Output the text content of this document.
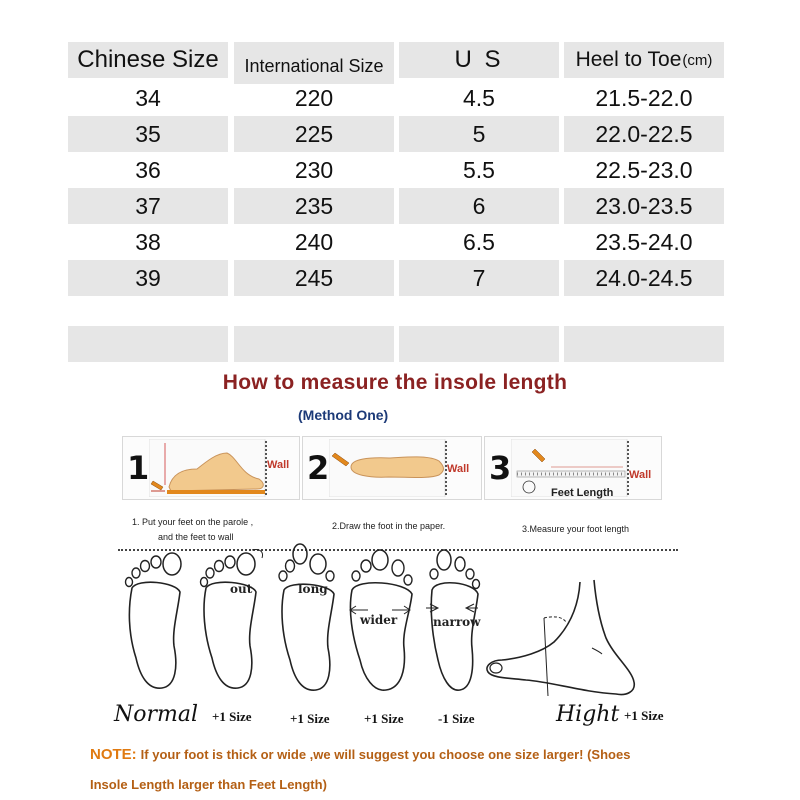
Chinese Size	International Size	U S	Heel to Toe (cm)
34	220	4.5	21.5-22.0
35	225	5	22.0-22.5
36	230	5.5	22.5-23.0
37	235	6	23.0-23.5
38	240	6.5	23.5-24.0
39	245	7	24.0-24.5
How to measure the insole length
(Method One)
1	Wall 2	Wall 3	Wall
Feet Length
1. Put your feet on the parole ,
and the feet to wall
2.Draw the foot in the paper.	3.Measure your foot length
out	long
wider	narrow
Normal +1 Size	+1 Size	+1 Size	-1 Size	Hight +1 Size
NOTE: If your foot is thick or wide ,we will suggest you choose one size larger! (Shoes
Insole Length larger than Feet Length)
